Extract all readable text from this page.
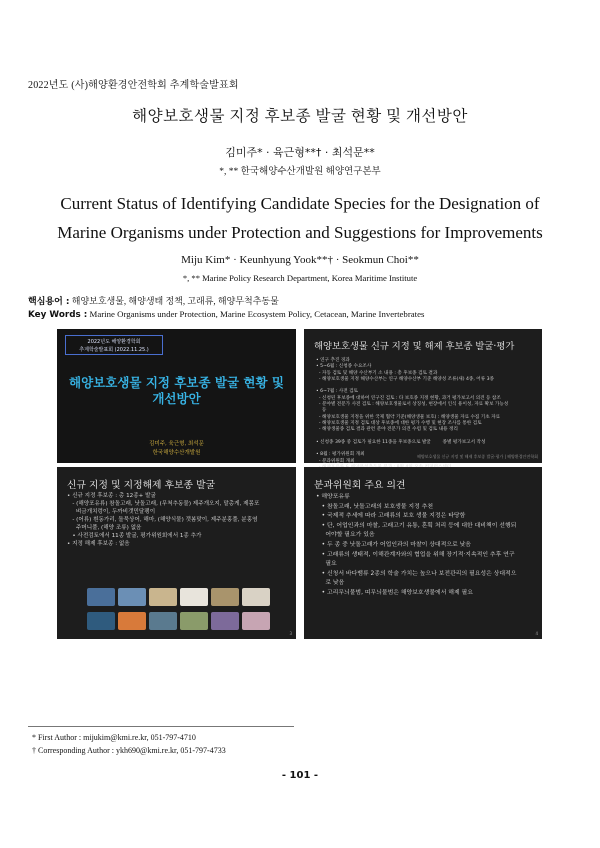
2022년도 (사)해양환경안전학회 추계학술발표회
해양보호생물 지정 후보종 발굴 현황 및 개선방안
김미주* · 육근형**† · 최석문**
*, ** 한국해양수산개발원 해양연구본부
Current Status of Identifying Candidate Species for the Designation of
Marine Organisms under Protection and Suggestions for Improvements
Miju Kim* · Keunhyung Yook**† · Seokmun Choi**
*, ** Marine Policy Research Department, Korea Maritime Institute
핵심용어 : 해양보호생물, 해양생태 정책, 고래류, 해양무척추동물
Key Words : Marine Organisms under Protection, Marine Ecosystem Policy, Cetacean, Marine Invertebrates
2022년도 해양환경학회
추계학술발표회 (2022.11.25.)
해양보호생물 지정 후보종 발굴 현황 및
개선방안
김미주, 육근형, 최석문
한국해양수산개발원
해양보호생물 신규 지정 및 해제 후보종 발굴·평가
• 연구 추진 경과
• 5~6월 : 신청종 수요조사
- 자동 검토 및 해양 수산부기 소 내용 : 총 후보종 검토 결과
- 해양보호생물 지정 해양수산부는 연구 해양수산부 기준 해양성 조류(새) 4종, 어류 3종

• 6~7월 : 사전 검토
- 신청된 후보종에 대하여 연구진 검토 : 타 보호종 지정 현황, 과거 평가보고서 의견 등 참조
- 분야별 전문가 사전 검토 : 해양보호생물로서 상징성, 현장에서 인식 용이성, 자료 확보 가능성
등
- 해양보호생물 지정을 위한 국제 협약 기준(해양생물 보호) : 해양생물 자료 수집 기초 자료
- 해양보호생물 지정 검토 대상 후보종에 대한 평가 수행 및 현장 조사를 통한 검토
- 해양생물종 검토 결과 관련 분야 전문가 의견 수렴 및 검토 내용 정리

• 신청종 39종 중 검토가 필요한 11종을 후보종으로 발굴        종별 평가보고서 작성

• 8월 : 평가위원회 개최
- 분과위원회 개최

해양보호생물 신규 지정 및 해제 후보종 발굴·평가 | 해양환경안전학회
신규 지정 및 지정해제 후보종 발굴
• 신규 지정 후보종 : 총 12종+ 발굴
- (해양포유류) 참돌고래, 낫돌고래, (무척추동물) 제주개오지, 말총게, 제몸포
벼금개치렁이, 두까비갯민달팽이
- (어류) 흰동가리, 돌묵상어, 해마, (해양식물) 갯봄맞이, 제주분홍풀, 분홍염
주머니풀, (해양 조류) 없음
• 사전검토에서 11종 발굴, 평가위원회에서 1종 추가
• 지정 해제 후보종 : 없음
3
분과위원회 주요 의견
• 해양포유류
• 참돌고래, 낫돌고래의 보호생물 지정 추천
• 국제적 추세에 따라 고래류의 보호 생물 지정은 타당함
• 단, 어업인과의 마찰, 고래고기 유통, 혼획 처리 등에 대한 대비책이 선행되
어야할 필요가 있음
• 두 종 중 낫돌고래가 어업인과의 마찰이 상대적으로 낮음
• 고래류의 생태적, 이해관계자와의 협업을 위해 장기적·지속적인 추후 연구
필요
• 신청서 바다뱀류 2종의 학술 가치는 높으나 보전관리의 필요성은 상대적으
로 낮음
• 고리무늬물범, 띠무늬물범은 해양보호생물에서 해제 필요
4
* First Author : mijukim@kmi.re.kr, 051-797-4710
† Corresponding Author : ykh690@kmi.re.kr, 051-797-4733
- 101 -
